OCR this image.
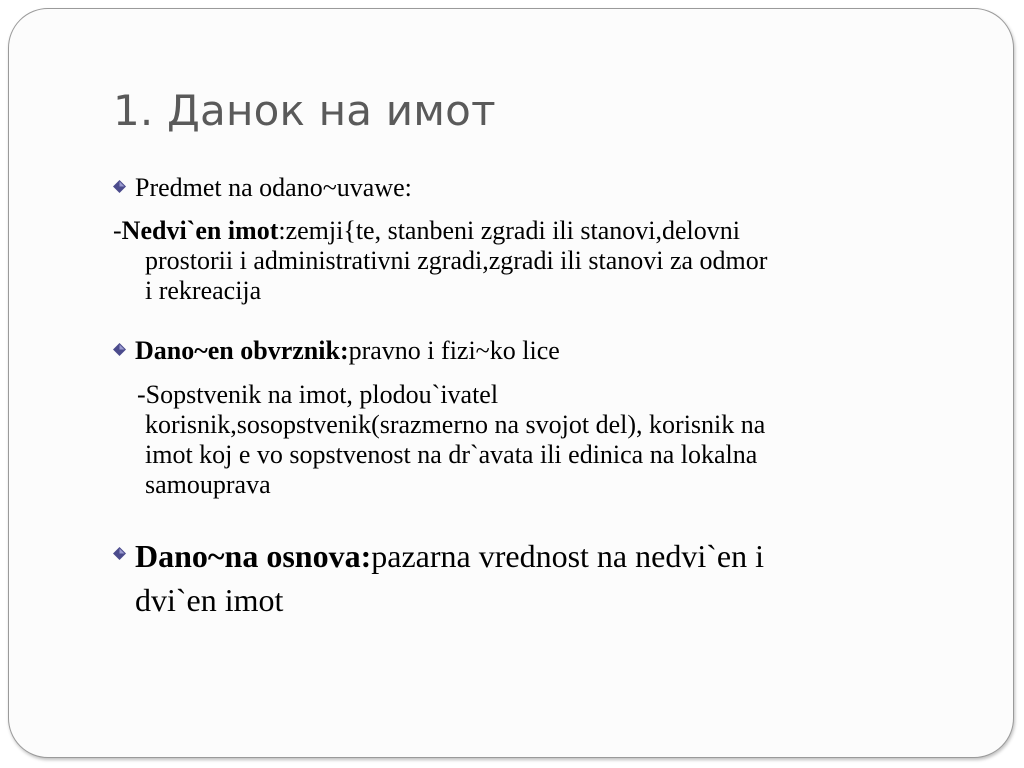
1. Данок на имот
Predmet na odano~uvawe:
-Nedvi`en imot:zemji{te, stanbeni zgradi ili stanovi,delovni
prostorii i administrativni zgradi,zgradi ili stanovi za odmor
i rekreacija
Dano~en obvrznik:pravno i fizi~ko lice
-Sopstvenik na imot, plodou`ivatel
korisnik,sosopstvenik(srazmerno na svojot del), korisnik na
imot koj e vo sopstvenost na dr`avata ili edinica na lokalna
samouprava
Dano~na osnova:pazarna vrednost na nedvi`en i
dvi`en imot
